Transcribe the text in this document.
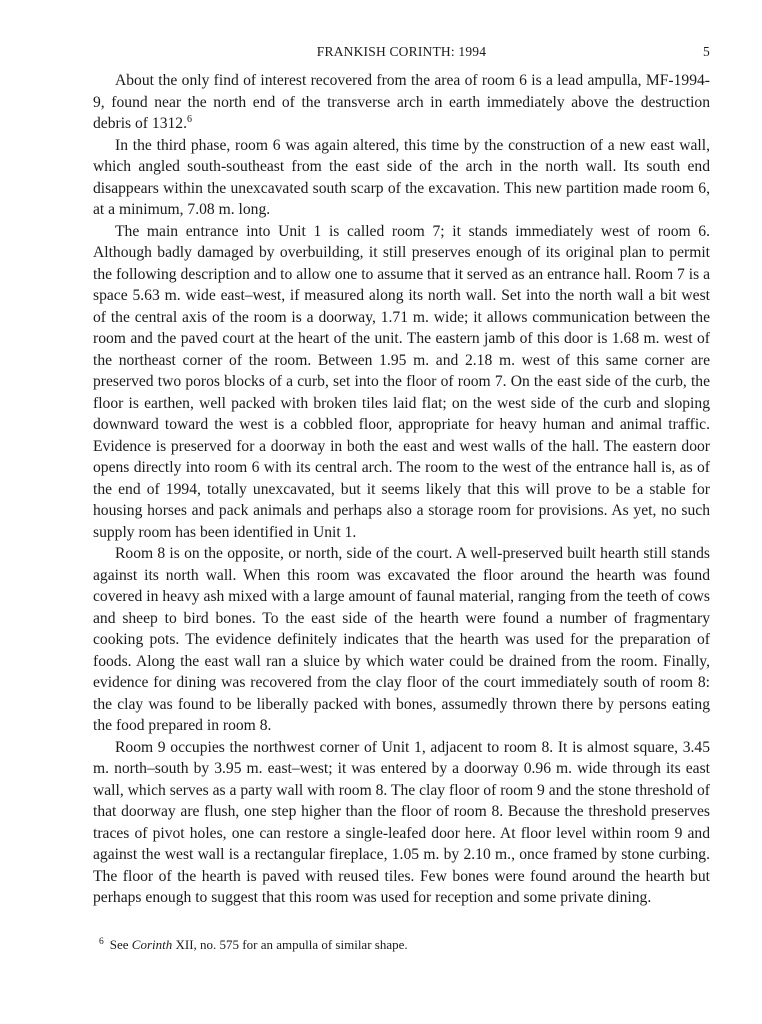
FRANKISH CORINTH: 1994	5

About the only find of interest recovered from the area of room 6 is a lead ampulla, MF-1994-9, found near the north end of the transverse arch in earth immediately above the destruction debris of 1312.$^6$

In the third phase, room 6 was again altered, this time by the construction of a new east wall, which angled south-southeast from the east side of the arch in the north wall. Its south end disappears within the unexcavated south scarp of the excavation. This new partition made room 6, at a minimum, 7.08 m. long.

The main entrance into Unit 1 is called room 7; it stands immediately west of room 6. Although badly damaged by overbuilding, it still preserves enough of its original plan to permit the following description and to allow one to assume that it served as an entrance hall. Room 7 is a space 5.63 m. wide east–west, if measured along its north wall. Set into the north wall a bit west of the central axis of the room is a doorway, 1.71 m. wide; it allows communication between the room and the paved court at the heart of the unit. The eastern jamb of this door is 1.68 m. west of the northeast corner of the room. Between 1.95 m. and 2.18 m. west of this same corner are preserved two poros blocks of a curb, set into the floor of room 7. On the east side of the curb, the floor is earthen, well packed with broken tiles laid flat; on the west side of the curb and sloping downward toward the west is a cobbled floor, appropriate for heavy human and animal traffic. Evidence is preserved for a doorway in both the east and west walls of the hall. The eastern door opens directly into room 6 with its central arch. The room to the west of the entrance hall is, as of the end of 1994, totally unexcavated, but it seems likely that this will prove to be a stable for housing horses and pack animals and perhaps also a storage room for provisions. As yet, no such supply room has been identified in Unit 1.

Room 8 is on the opposite, or north, side of the court. A well-preserved built hearth still stands against its north wall. When this room was excavated the floor around the hearth was found covered in heavy ash mixed with a large amount of faunal material, ranging from the teeth of cows and sheep to bird bones. To the east side of the hearth were found a number of fragmentary cooking pots. The evidence definitely indicates that the hearth was used for the preparation of foods. Along the east wall ran a sluice by which water could be drained from the room. Finally, evidence for dining was recovered from the clay floor of the court immediately south of room 8: the clay was found to be liberally packed with bones, assumedly thrown there by persons eating the food prepared in room 8.

Room 9 occupies the northwest corner of Unit 1, adjacent to room 8. It is almost square, 3.45 m. north–south by 3.95 m. east–west; it was entered by a doorway 0.96 m. wide through its east wall, which serves as a party wall with room 8. The clay floor of room 9 and the stone threshold of that doorway are flush, one step higher than the floor of room 8. Because the threshold preserves traces of pivot holes, one can restore a single-leafed door here. At floor level within room 9 and against the west wall is a rectangular fireplace, 1.05 m. by 2.10 m., once framed by stone curbing. The floor of the hearth is paved with reused tiles. Few bones were found around the hearth but perhaps enough to suggest that this room was used for reception and some private dining.

$^6$ See Corinth XII, no. 575 for an ampulla of similar shape.
